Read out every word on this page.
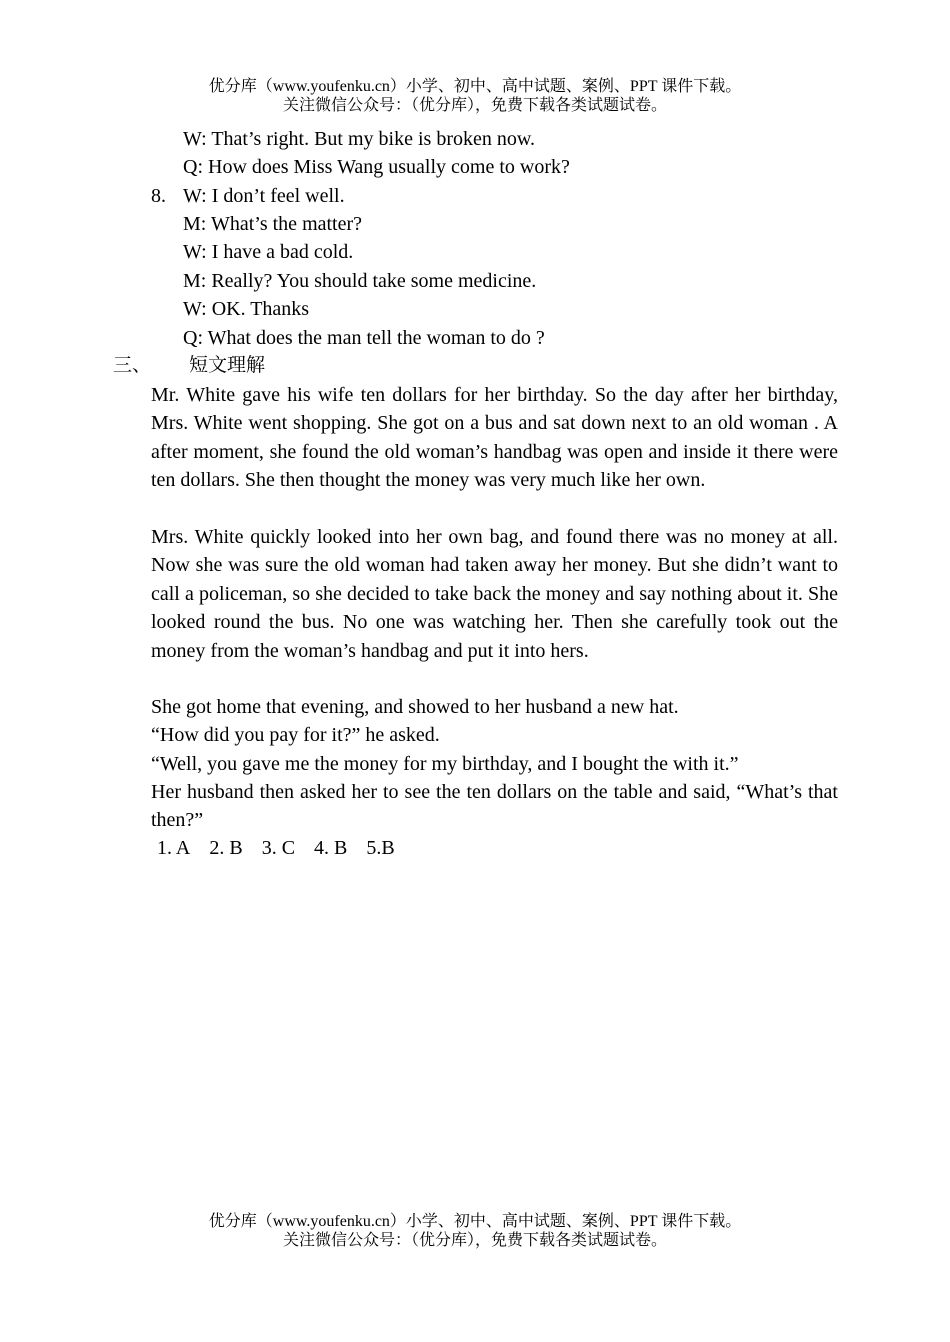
优分库（www.youfenku.cn）小学、初中、高中试题、案例、PPT 课件下载。
关注微信公众号：（优分库），免费下载各类试题试卷。
W: That’s right. But my bike is broken now.
Q: How does Miss Wang usually come to work?
8. W: I don’t feel well.
M: What’s the matter?
W: I have a bad cold.
M: Really? You should take some medicine.
W: OK. Thanks
Q: What does the man tell the woman to do ?
三、 短文理解
Mr. White gave his wife ten dollars for her birthday. So the day after her birthday, Mrs. White went shopping. She got on a bus and sat down next to an old woman . A after moment, she found the old woman’s handbag was open and inside it there were ten dollars. She then thought the money was very much like her own.
Mrs. White quickly looked into her own bag, and found there was no money at all. Now she was sure the old woman had taken away her money. But she didn’t want to call a policeman, so she decided to take back the money and say nothing about it. She looked round the bus. No one was watching her. Then she carefully took out the money from the woman’s handbag and put it into hers.
She got home that evening, and showed to her husband a new hat.
“How did you pay for it?” he asked.
“Well, you gave me the money for my birthday, and I bought the with it.”
Her husband then asked her to see the ten dollars on the table and said, “What’s that then?”
1. A 2. B 3. C 4. B 5.B
优分库（www.youfenku.cn）小学、初中、高中试题、案例、PPT 课件下载。
关注微信公众号：（优分库），免费下载各类试题试卷。
